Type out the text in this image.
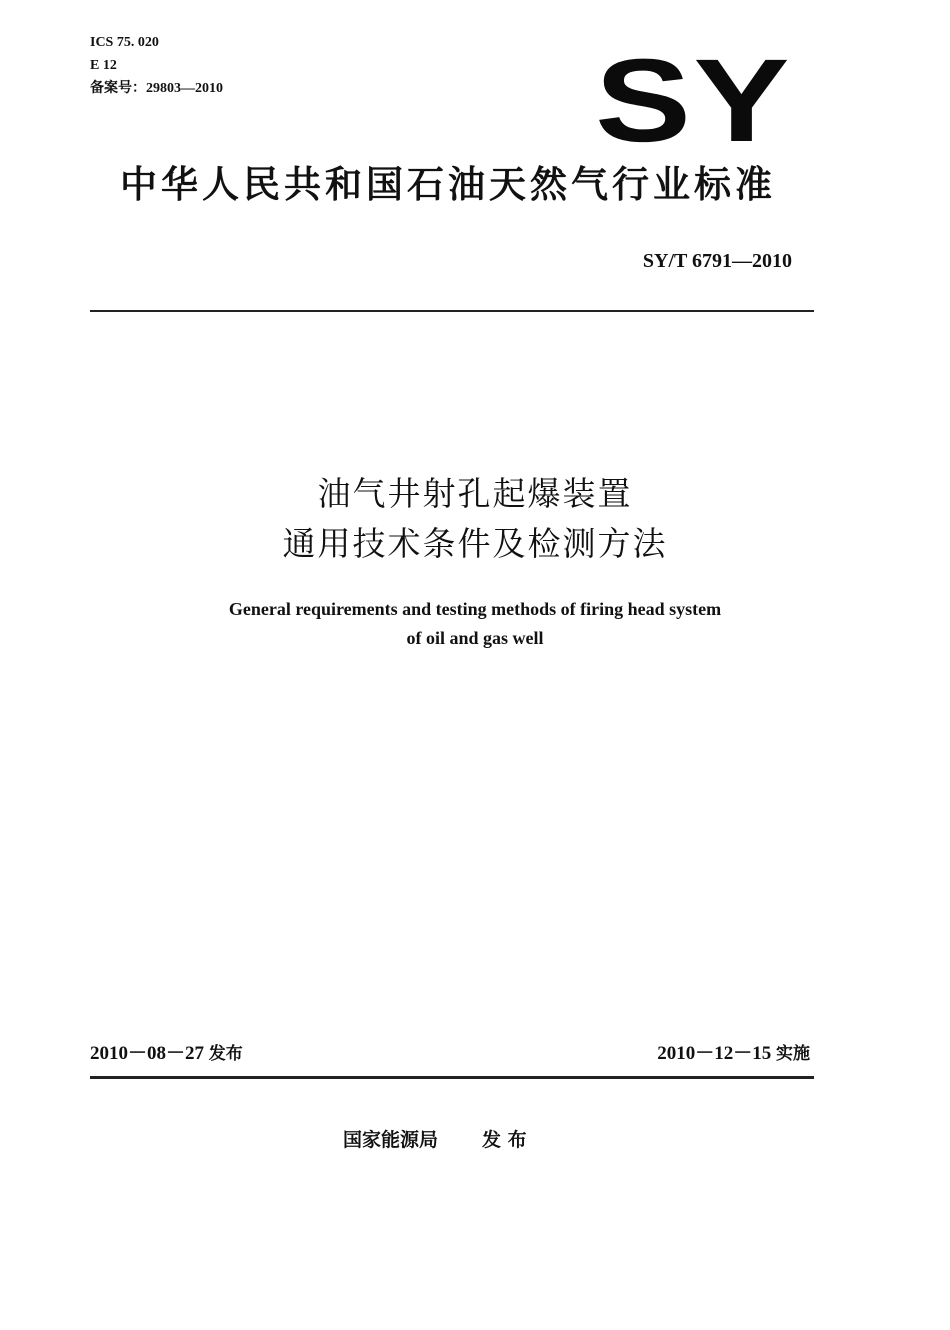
ICS 75. 020
E 12
备案号：29803—2010	SY
中华人民共和国石油天然气行业标准
SY/T 6791—2010
油气井射孔起爆装置
通用技术条件及检测方法
General requirements and testing methods of firing head system
of oil and gas well
2010－08－27 发布	2010－12－15 实施
国家能源局 发 布
